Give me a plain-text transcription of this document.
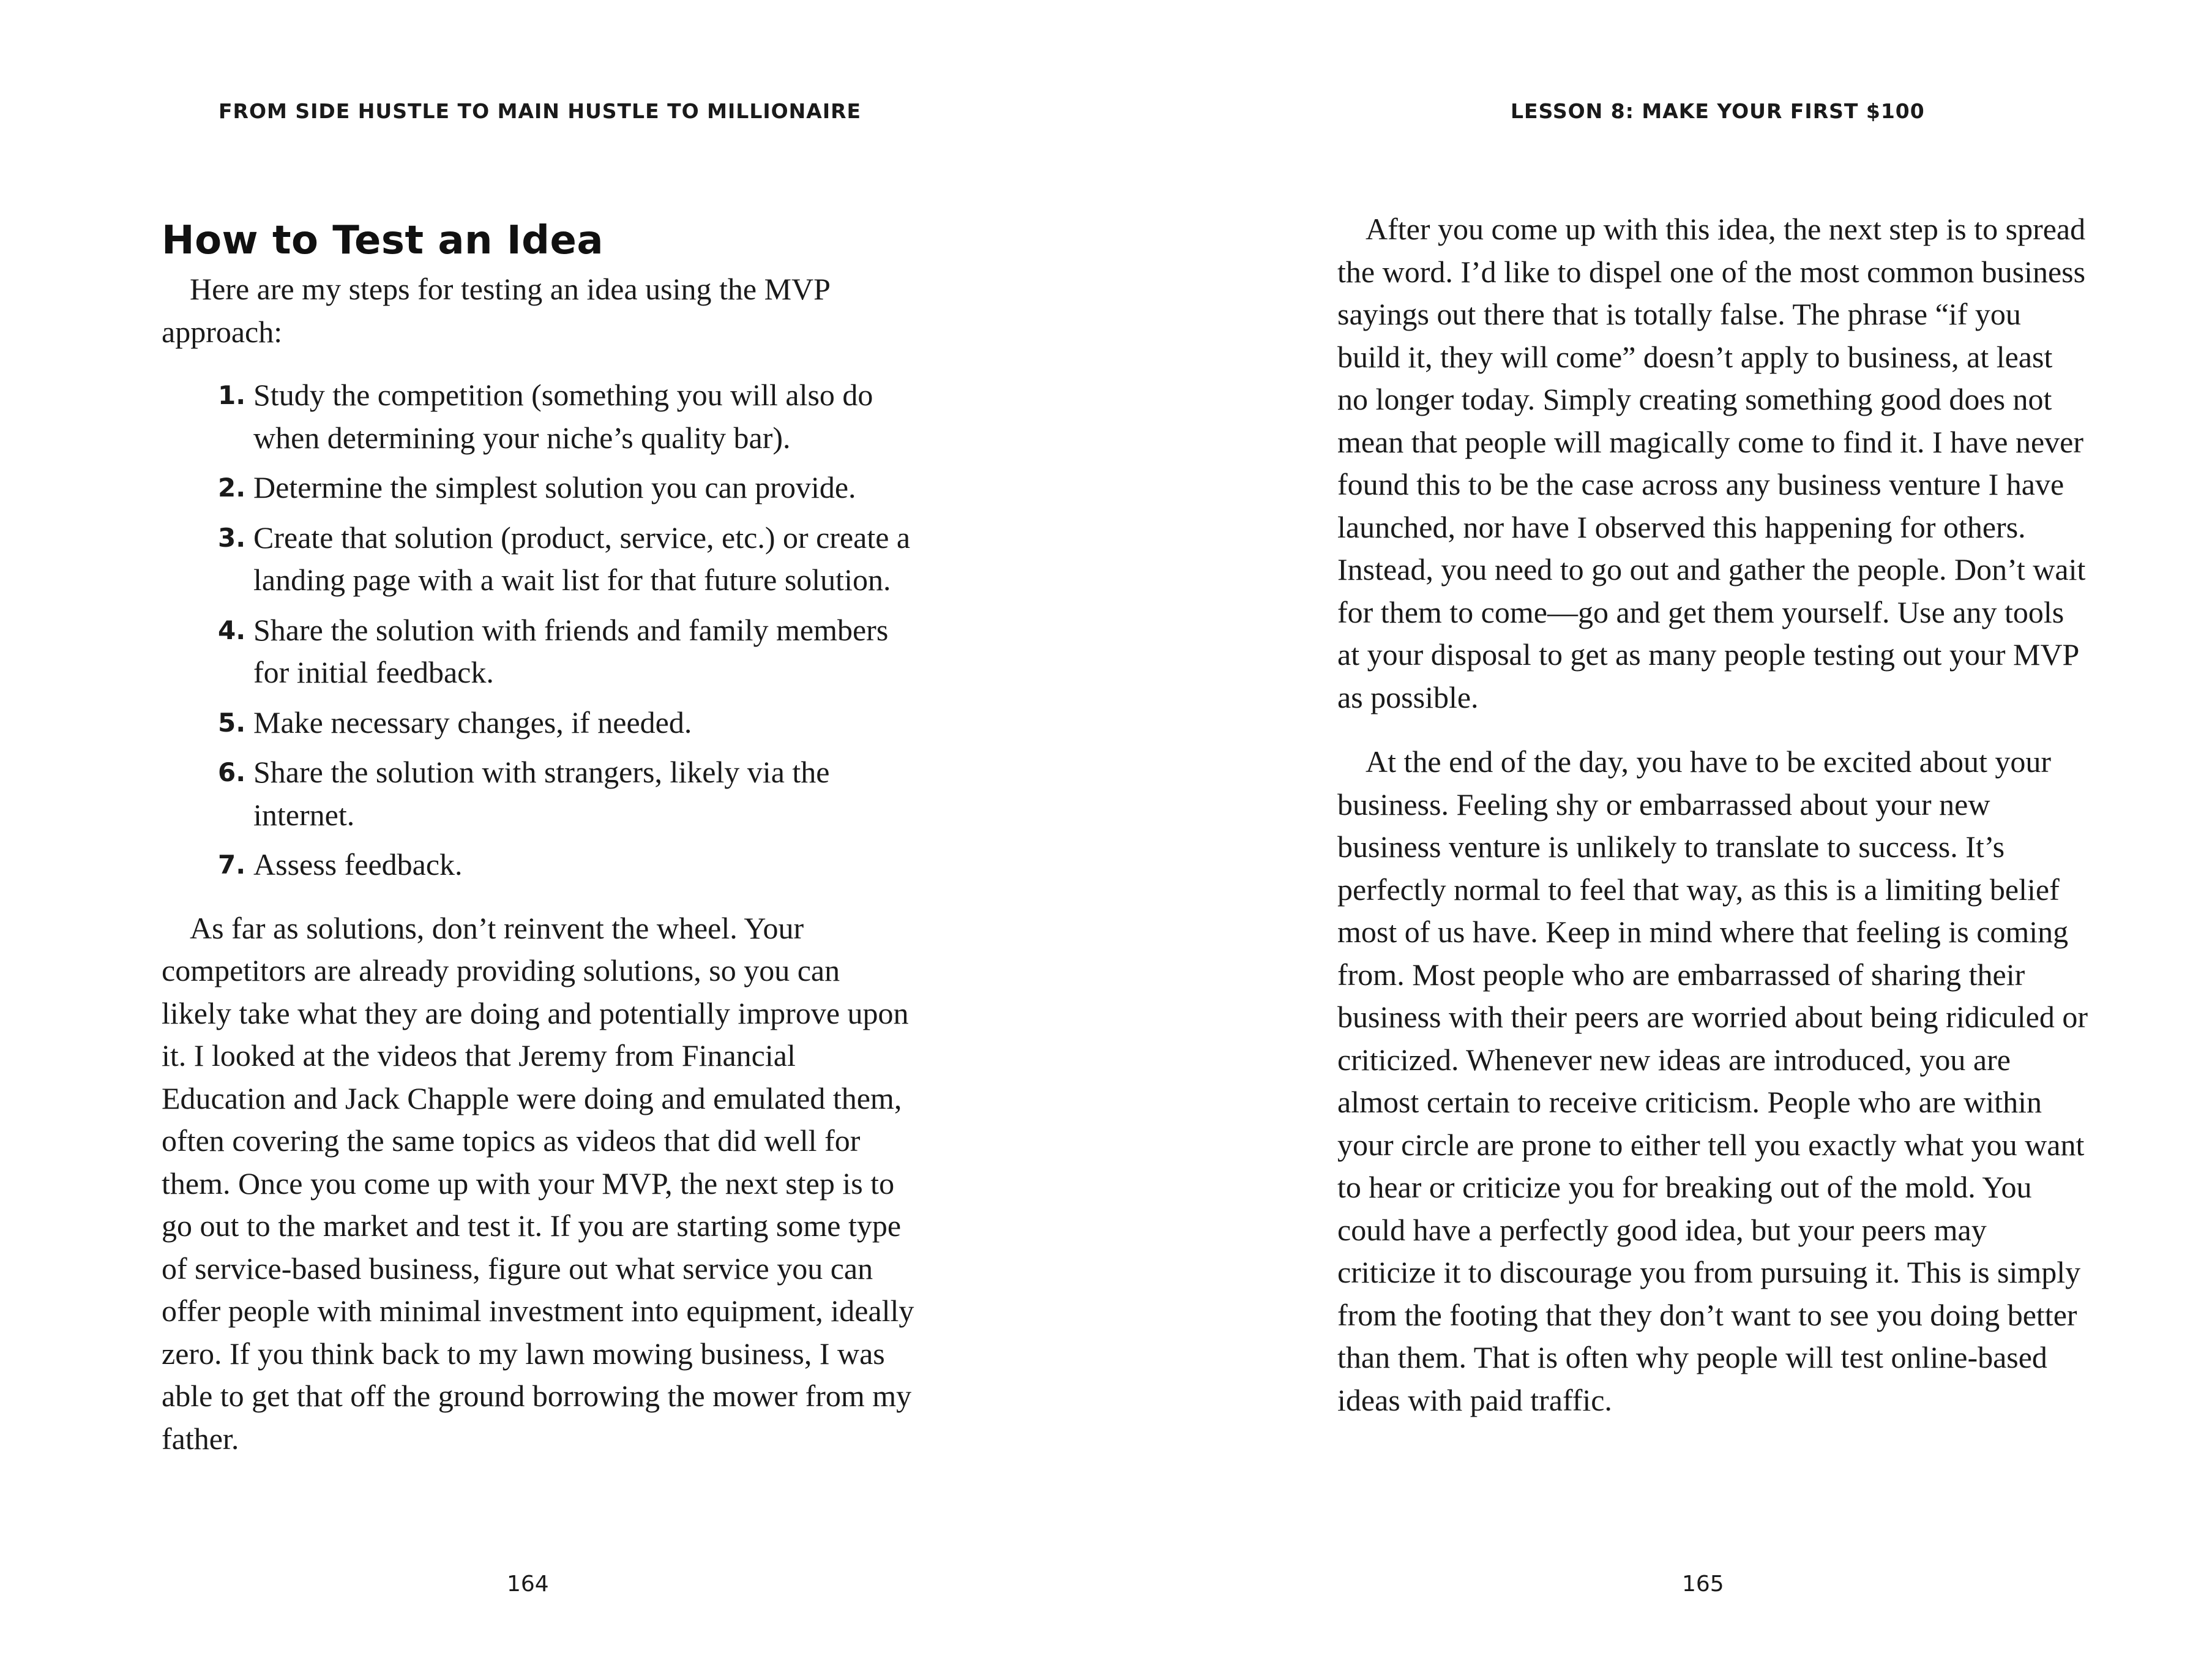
FROM SIDE HUSTLE TO MAIN HUSTLE TO MILLIONAIRE
How to Test an Idea

Here are my steps for testing an idea using the MVP approach:

1. Study the competition (something you will also do when determining your niche’s quality bar).
2. Determine the simplest solution you can provide.
3. Create that solution (product, service, etc.) or create a landing page with a wait list for that future solution.
4. Share the solution with friends and family members for initial feedback.
5. Make necessary changes, if needed.
6. Share the solution with strangers, likely via the internet.
7. Assess feedback.

As far as solutions, don’t reinvent the wheel. Your competitors are already providing solutions, so you can likely take what they are doing and potentially improve upon it. I looked at the videos that Jeremy from Financial Education and Jack Chapple were doing and emulated them, often covering the same topics as videos that did well for them. Once you come up with your MVP, the next step is to go out to the market and test it. If you are starting some type of service-based business, figure out what service you can offer people with minimal investment into equipment, ideally zero. If you think back to my lawn mowing business, I was able to get that off the ground borrowing the mower from my father.

164
LESSON 8: MAKE YOUR FIRST $100

After you come up with this idea, the next step is to spread the word. I’d like to dispel one of the most common business sayings out there that is totally false. The phrase “if you build it, they will come” doesn’t apply to business, at least no longer today. Simply creating something good does not mean that people will magically come to find it. I have never found this to be the case across any business venture I have launched, nor have I observed this happening for others. Instead, you need to go out and gather the people. Don’t wait for them to come—go and get them yourself. Use any tools at your disposal to get as many people testing out your MVP as possible.

At the end of the day, you have to be excited about your business. Feeling shy or embarrassed about your new business venture is unlikely to translate to success. It’s perfectly normal to feel that way, as this is a limiting belief most of us have. Keep in mind where that feeling is coming from. Most people who are embarrassed of sharing their business with their peers are worried about being ridiculed or criticized. Whenever new ideas are introduced, you are almost certain to receive criticism. People who are within your circle are prone to either tell you exactly what you want to hear or criticize you for breaking out of the mold. You could have a perfectly good idea, but your peers may criticize it to discourage you from pursuing it. This is simply from the footing that they don’t want to see you doing better than them. That is often why people will test online-based ideas with paid traffic.

165
